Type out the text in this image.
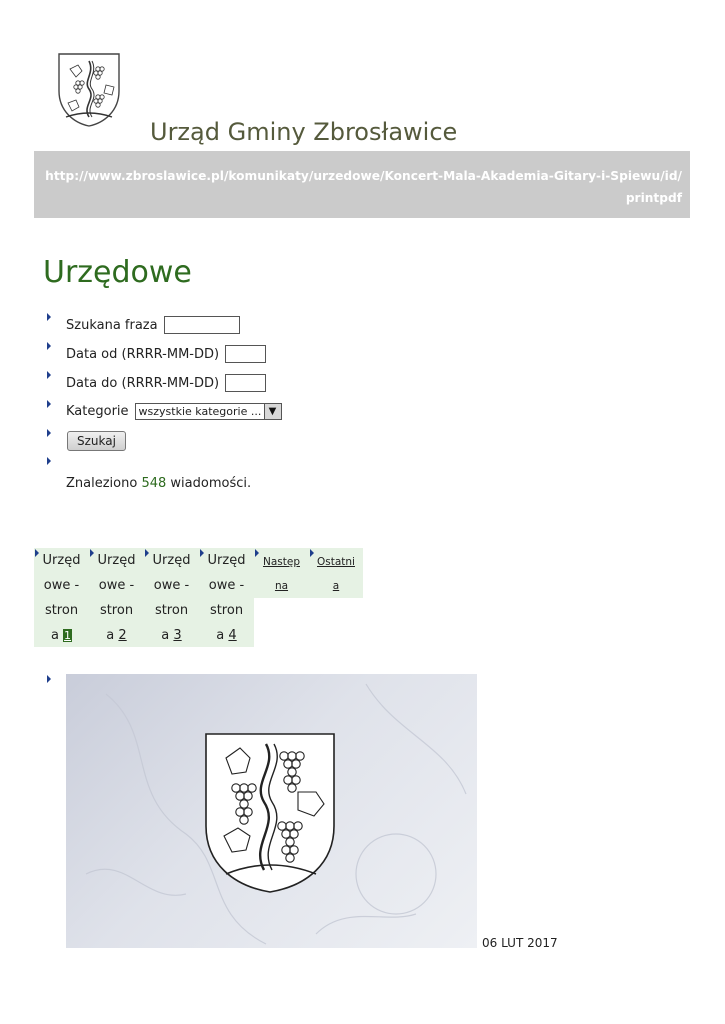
Urząd Gminy Zbrosławice
http://www.zbroslawice.pl/komunikaty/urzedowe/Koncert-Mala-Akademia-Gitary-i-Spiewu/id/
printpdf
Urzędowe
Szukana fraza
Data od (RRRR-MM-DD)
Data do (RRRR-MM-DD)
Kategorie wszystkie kategorie ... ▼
Szukaj
Znaleziono 548 wiadomości.
Urzęd
owe -
stron
a 1
Urzęd
owe -
stron
a 2
Urzęd
owe -
stron
a 3
Urzęd
owe -
stron
a 4
Następ
na
Ostatni
a
06 LUT 2017
